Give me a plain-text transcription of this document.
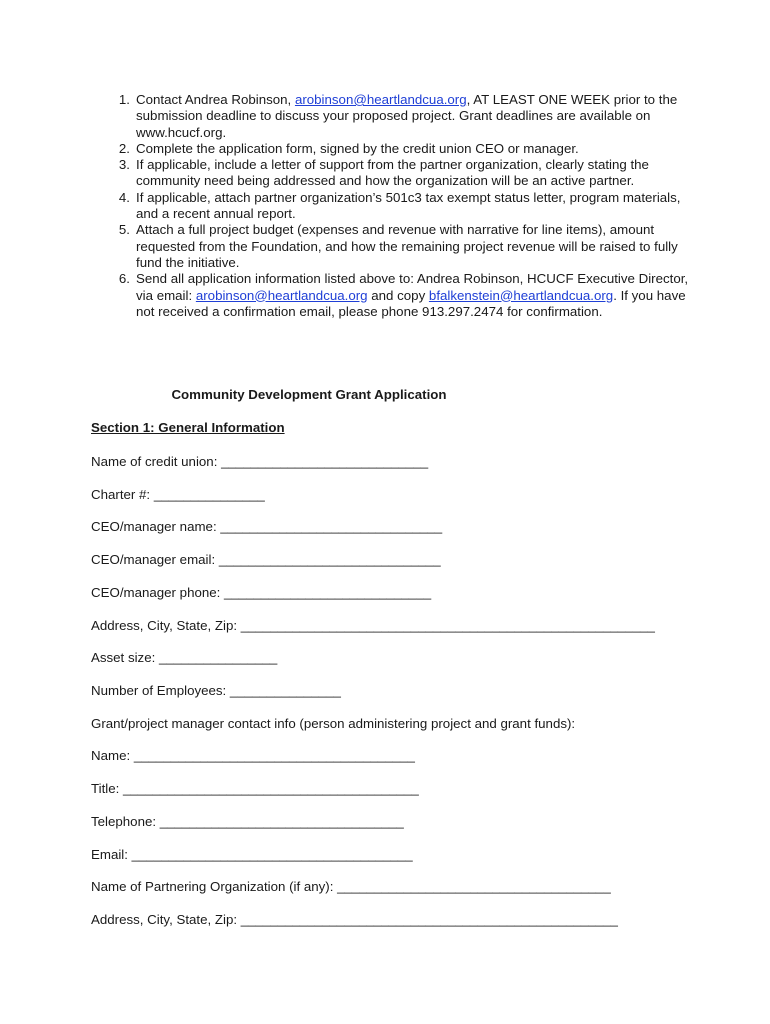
1. Contact Andrea Robinson, arobinson@heartlandcua.org, AT LEAST ONE WEEK prior to the submission deadline to discuss your proposed project. Grant deadlines are available on www.hcucf.org.
2. Complete the application form, signed by the credit union CEO or manager.
3. If applicable, include a letter of support from the partner organization, clearly stating the community need being addressed and how the organization will be an active partner.
4. If applicable, attach partner organization’s 501c3 tax exempt status letter, program materials, and a recent annual report.
5. Attach a full project budget (expenses and revenue with narrative for line items), amount requested from the Foundation, and how the remaining project revenue will be raised to fully fund the initiative.
6. Send all application information listed above to: Andrea Robinson, HCUCF Executive Director, via email: arobinson@heartlandcua.org and copy bfalkenstein@heartlandcua.org. If you have not received a confirmation email, please phone 913.297.2474 for confirmation.
Community Development Grant Application
Section 1: General Information

Name of credit union: ____________________________

Charter #: _______________

CEO/manager name: ______________________________

CEO/manager email: ______________________________

CEO/manager phone: ____________________________

Address, City, State, Zip: ________________________________________________________

Asset size: ________________

Number of Employees: _______________

Grant/project manager contact info (person administering project and grant funds):

Name: ______________________________________

Title: ________________________________________

Telephone: _________________________________

Email: ______________________________________

Name of Partnering Organization (if any): _____________________________________

Address, City, State, Zip: ___________________________________________________
